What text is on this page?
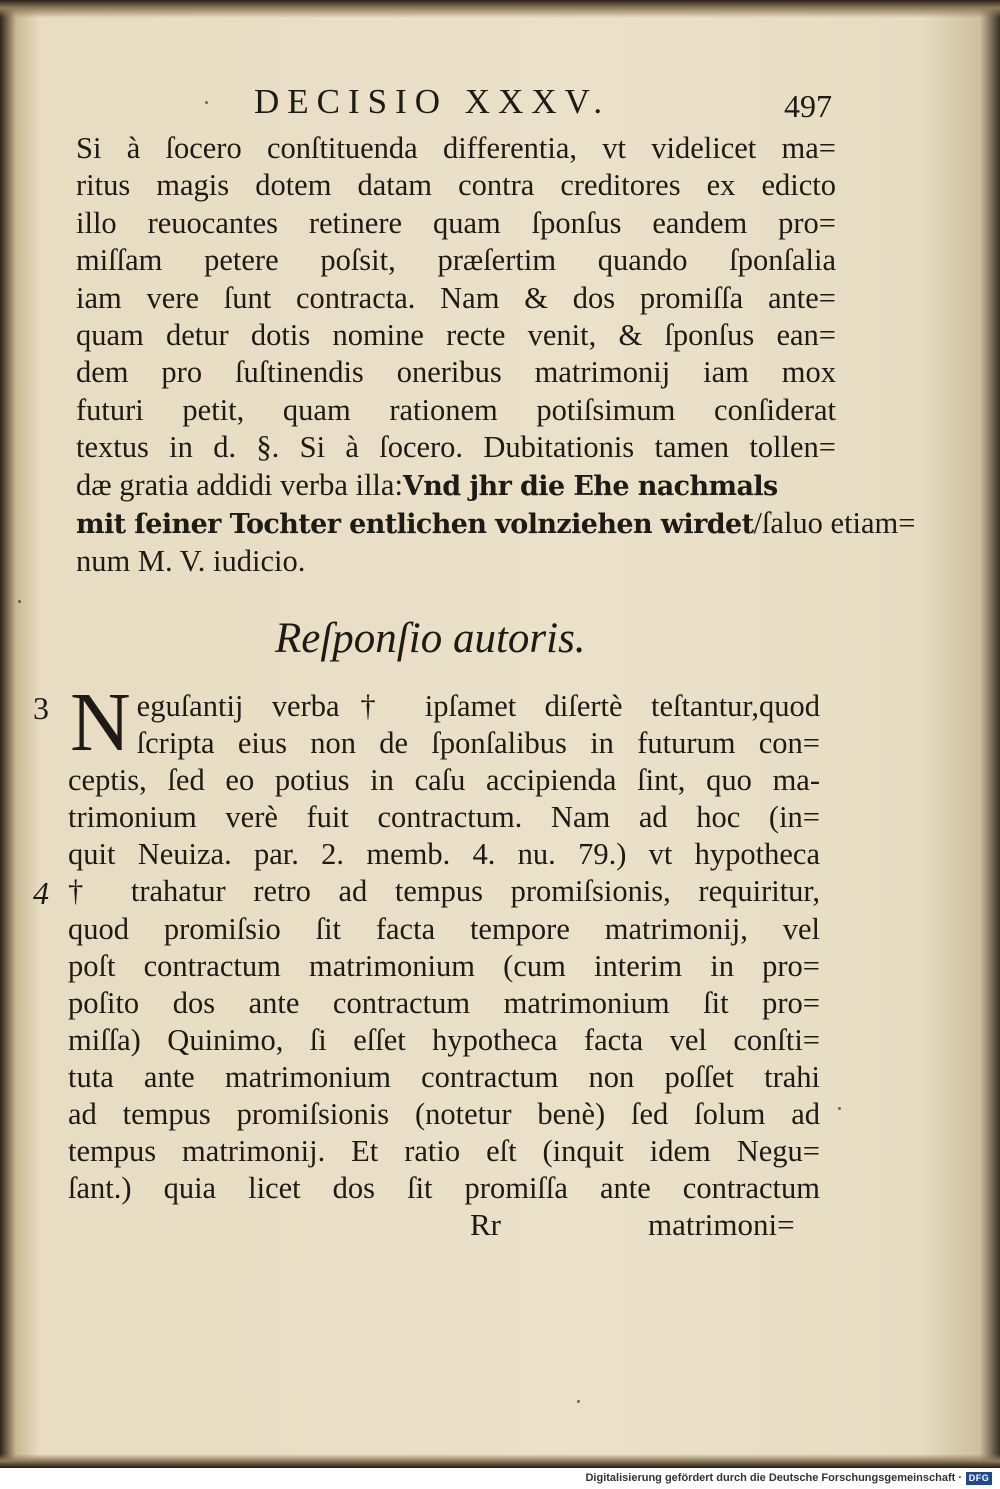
DECISIO XXXV.	497
Si à ſocero conſtituenda differentia, vt videlicet ma=
ritus magis dotem datam contra creditores ex edicto
illo reuocantes retinere quam ſponſus eandem pro=
miſſam petere poſsit, præſertim quando ſponſalia
iam vere ſunt contracta. Nam & dos promiſſa ante=
quam detur dotis nomine recte venit, & ſponſus ean=
dem pro ſuſtinendis oneribus matrimonij iam mox
futuri petit, quam rationem potiſsimum conſiderat
textus in d. §. Si à ſocero. Dubitationis tamen tollen=
dæ gratia addidi verba illa:Vnd jhr die Ehe nachmals
mit ſeiner Tochter entlichen volnziehen wirdet/ſaluo etiam=
num M. V. iudicio.
Reſponſio autoris.
3
4
N eguſantij verba† ipſamet diſertè teſtantur,quod
ſcripta eius non de ſponſalibus in futurum con=
ceptis, ſed eo potius in caſu accipienda ſint, quo ma-
trimonium verè fuit contractum. Nam ad hoc (in=
quit Neuiza. par. 2. memb. 4. nu. 79.) vt hypotheca
† trahatur retro ad tempus promiſsionis, requiritur,
quod promiſsio ſit facta tempore matrimonij, vel
poſt contractum matrimonium (cum interim in pro=
poſito dos ante contractum matrimonium ſit pro=
miſſa) Quinimo, ſi eſſet hypotheca facta vel conſti=
tuta ante matrimonium contractum non poſſet trahi
ad tempus promiſsionis (notetur benè) ſed ſolum ad
tempus matrimonij. Et ratio eſt (inquit idem Negu=
ſant.) quia licet dos ſit promiſſa ante contractum
Rr	matrimoni=
Digitalisierung gefördert durch die Deutsche Forschungsgemeinschaft · DFG
